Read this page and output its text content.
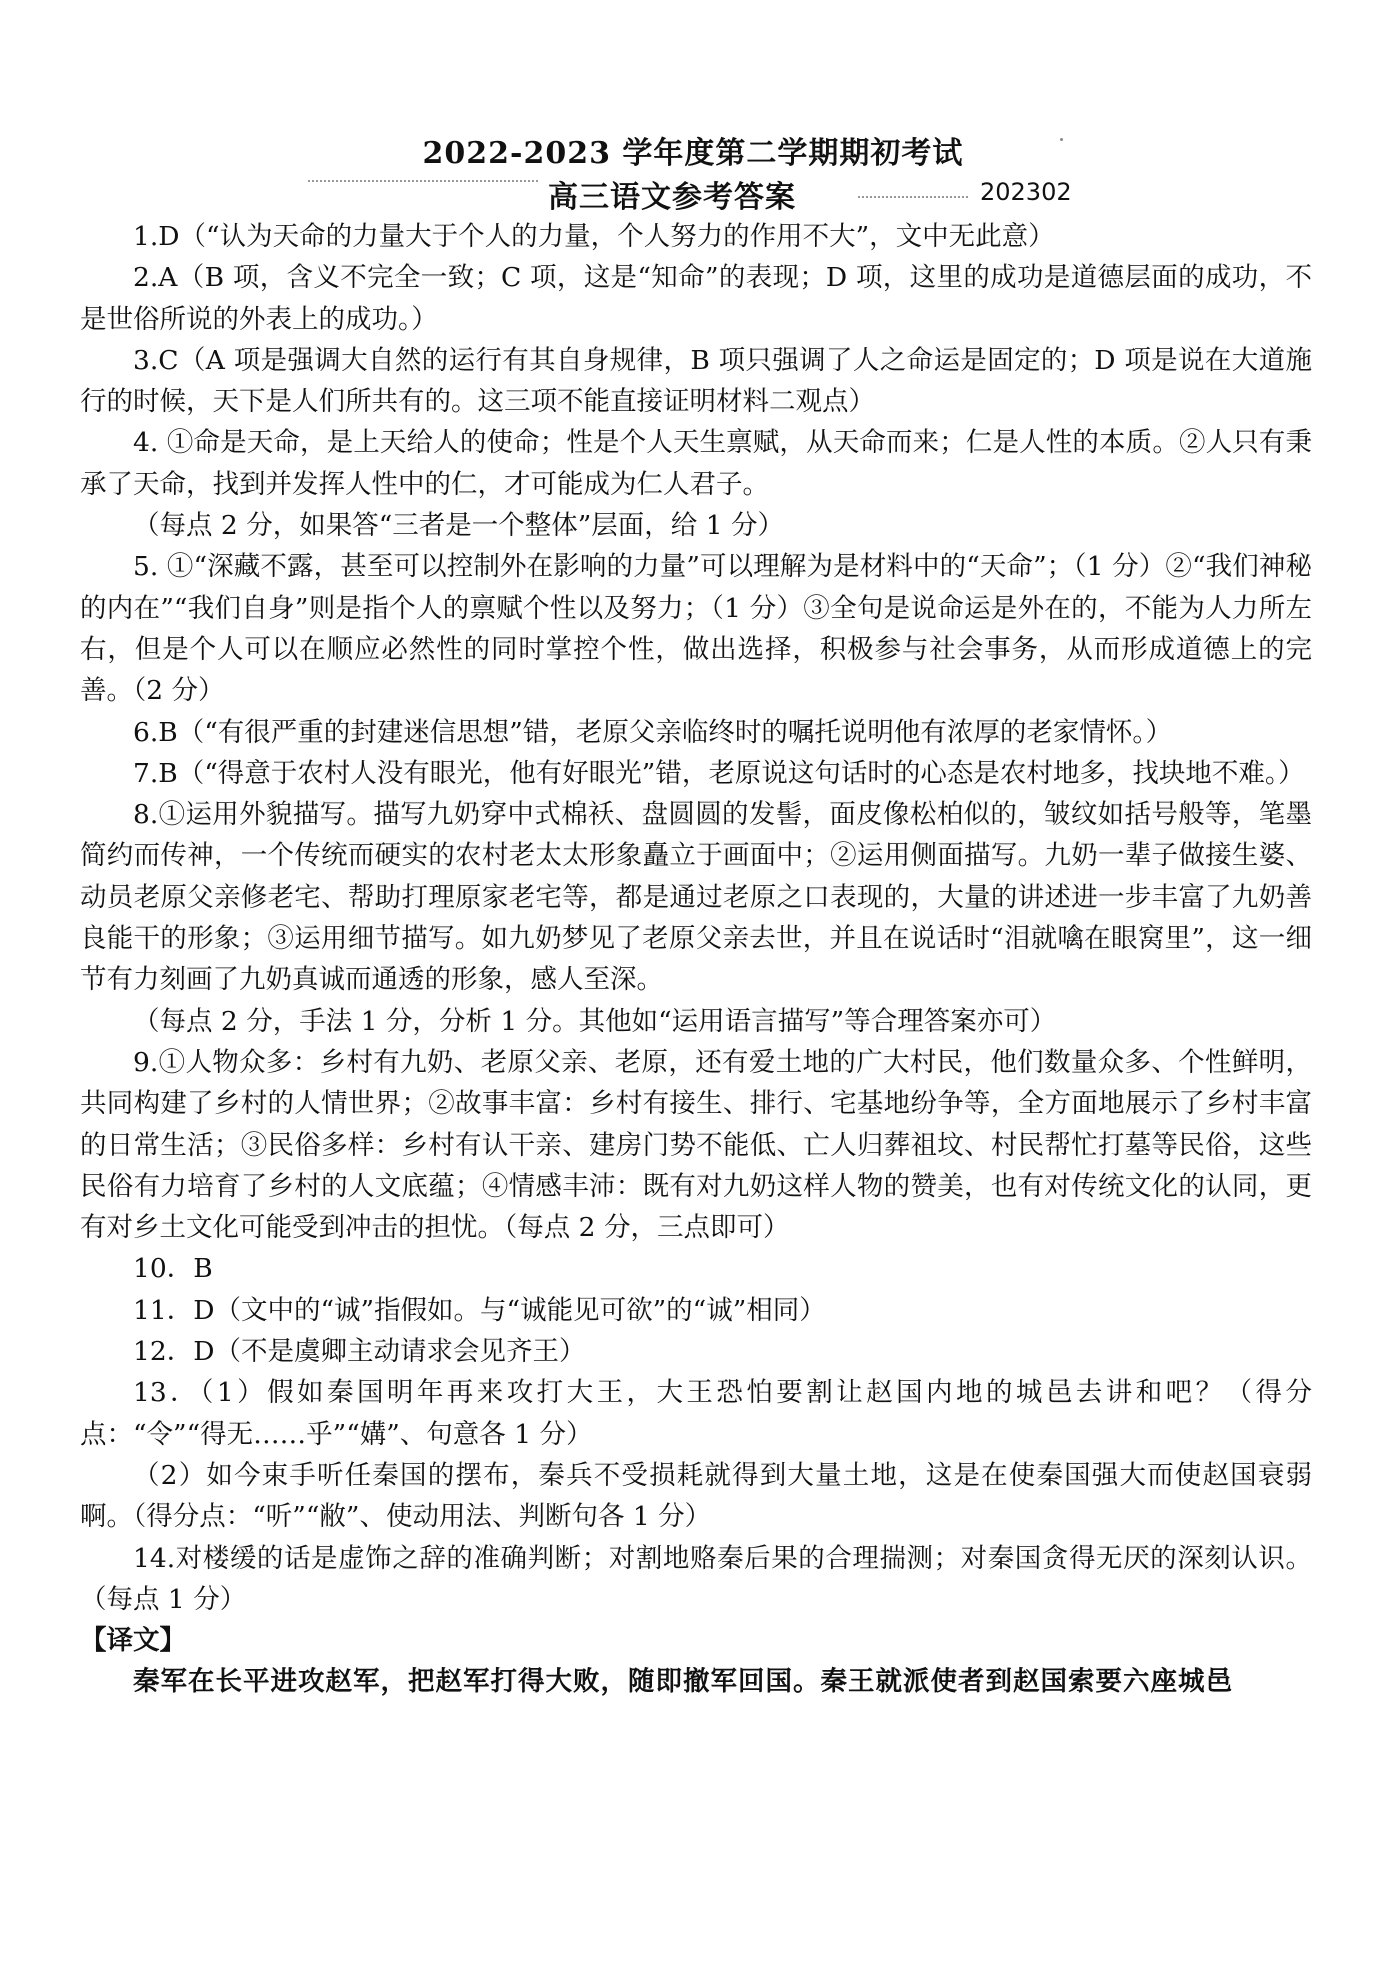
2022-2023 学年度第二学期期初考试
高三语文参考答案	202302

1.D（“认为天命的力量大于个人的力量，个人努力的作用不大”，文中无此意）

2.A（B 项，含义不完全一致；C 项，这是“知命”的表现；D 项，这里的成功是道德层面的成功，不是世俗所说的外表上的成功。）

3.C（A 项是强调大自然的运行有其自身规律，B 项只强调了人之命运是固定的；D 项是说在大道施行的时候，天下是人们所共有的。这三项不能直接证明材料二观点）

4. ①命是天命，是上天给人的使命；性是个人天生禀赋，从天命而来；仁是人性的本质。②人只有秉承了天命，找到并发挥人性中的仁，才可能成为仁人君子。

（每点 2 分，如果答“三者是一个整体”层面，给 1 分）

5. ①“深藏不露，甚至可以控制外在影响的力量”可以理解为是材料中的“天命”；（1 分）②“我们神秘的内在”“我们自身”则是指个人的禀赋个性以及努力；（1 分）③全句是说命运是外在的，不能为人力所左右，但是个人可以在顺应必然性的同时掌控个性，做出选择，积极参与社会事务，从而形成道德上的完善。（2 分）

6.B（“有很严重的封建迷信思想”错，老原父亲临终时的嘱托说明他有浓厚的老家情怀。）

7.B（“得意于农村人没有眼光，他有好眼光”错，老原说这句话时的心态是农村地多，找块地不难。）

8.①运用外貌描写。描写九奶穿中式棉袄、盘圆圆的发髻，面皮像松柏似的，皱纹如括号般等，笔墨简约而传神，一个传统而硬实的农村老太太形象矗立于画面中；②运用侧面描写。九奶一辈子做接生婆、动员老原父亲修老宅、帮助打理原家老宅等，都是通过老原之口表现的，大量的讲述进一步丰富了九奶善良能干的形象；③运用细节描写。如九奶梦见了老原父亲去世，并且在说话时“泪就噙在眼窝里”，这一细节有力刻画了九奶真诚而通透的形象，感人至深。

（每点 2 分，手法 1 分，分析 1 分。其他如“运用语言描写”等合理答案亦可）

9.①人物众多：乡村有九奶、老原父亲、老原，还有爱土地的广大村民，他们数量众多、个性鲜明，共同构建了乡村的人情世界；②故事丰富：乡村有接生、排行、宅基地纷争等，全方面地展示了乡村丰富的日常生活；③民俗多样：乡村有认干亲、建房门势不能低、亡人归葬祖坟、村民帮忙打墓等民俗，这些民俗有力培育了乡村的人文底蕴；④情感丰沛：既有对九奶这样人物的赞美，也有对传统文化的认同，更有对乡土文化可能受到冲击的担忧。（每点 2 分，三点即可）

10．B

11．D（文中的“诚”指假如。与“诚能见可欲”的“诚”相同）

12．D（不是虞卿主动请求会见齐王）

13．（1）假如秦国明年再来攻打大王，大王恐怕要割让赵国内地的城邑去讲和吧？（得分点：“令”“得无……乎”“媾”、句意各 1 分）

（2）如今束手听任秦国的摆布，秦兵不受损耗就得到大量土地，这是在使秦国强大而使赵国衰弱啊。（得分点：“听”“敝”、使动用法、判断句各 1 分）

14.对楼缓的话是虚饰之辞的准确判断；对割地赂秦后果的合理揣测；对秦国贪得无厌的深刻认识。（每点 1 分）

【译文】

秦军在长平进攻赵军，把赵军打得大败，随即撤军回国。秦王就派使者到赵国索要六座城邑
